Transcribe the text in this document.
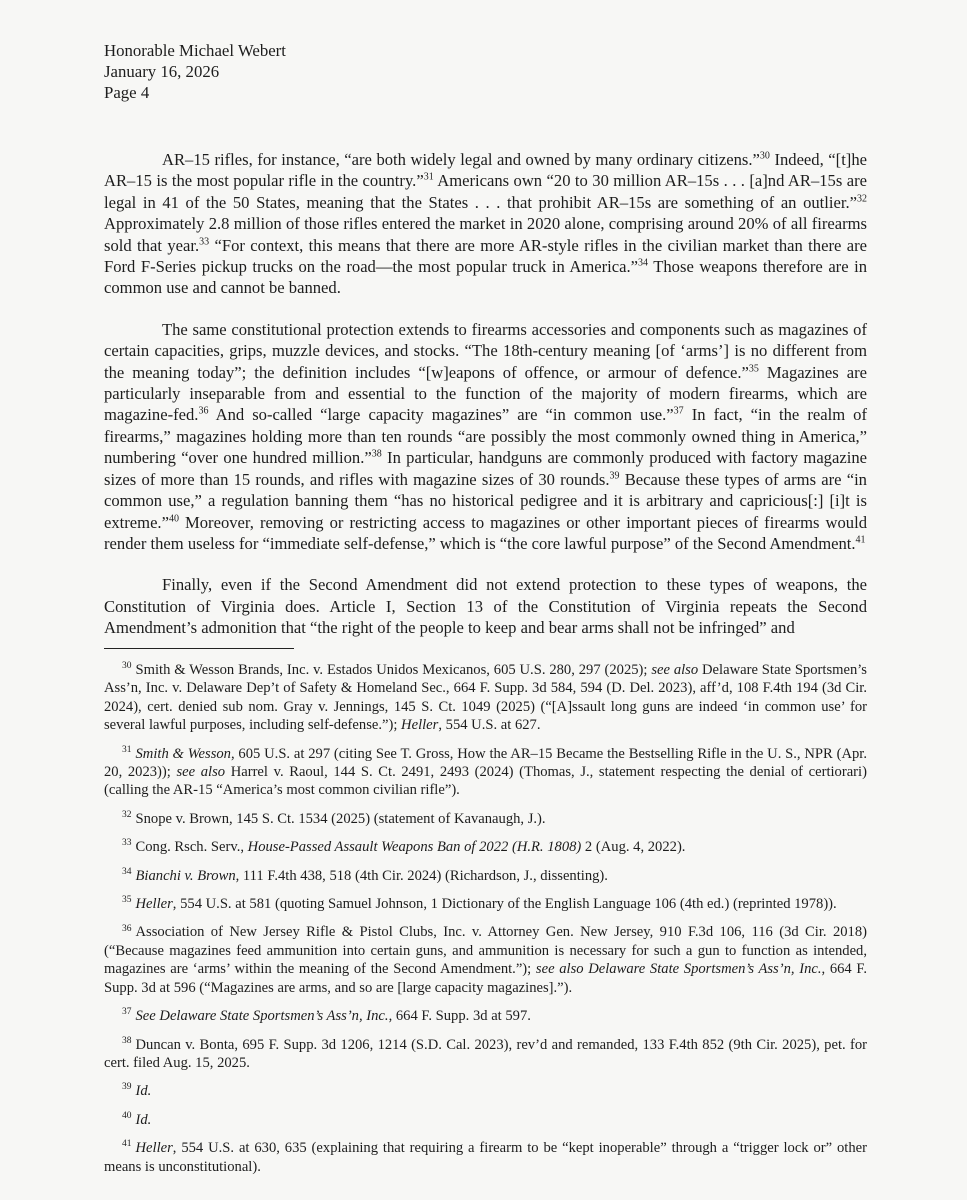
Honorable Michael Webert
January 16, 2026
Page 4

AR–15 rifles, for instance, “are both widely legal and owned by many ordinary citizens.”$^{30}$ Indeed, “[t]he AR–15 is the most popular rifle in the country.”$^{31}$ Americans own “20 to 30 million AR–15s . . . [a]nd AR–15s are legal in 41 of the 50 States, meaning that the States . . . that prohibit AR–15s are something of an outlier.”$^{32}$ Approximately 2.8 million of those rifles entered the market in 2020 alone, comprising around 20% of all firearms sold that year.$^{33}$ “For context, this means that there are more AR-style rifles in the civilian market than there are Ford F-Series pickup trucks on the road—the most popular truck in America.”$^{34}$ Those weapons therefore are in common use and cannot be banned.

The same constitutional protection extends to firearms accessories and components such as magazines of certain capacities, grips, muzzle devices, and stocks. “The 18th-century meaning [of ‘arms’] is no different from the meaning today”; the definition includes “[w]eapons of offence, or armour of defence.”$^{35}$ Magazines are particularly inseparable from and essential to the function of the majority of modern firearms, which are magazine-fed.$^{36}$ And so-called “large capacity magazines” are “in common use.”$^{37}$ In fact, “in the realm of firearms,” magazines holding more than ten rounds “are possibly the most commonly owned thing in America,” numbering “over one hundred million.”$^{38}$ In particular, handguns are commonly produced with factory magazine sizes of more than 15 rounds, and rifles with magazine sizes of 30 rounds.$^{39}$ Because these types of arms are “in common use,” a regulation banning them “has no historical pedigree and it is arbitrary and capricious[:] [i]t is extreme.”$^{40}$ Moreover, removing or restricting access to magazines or other important pieces of firearms would render them useless for “immediate self-defense,” which is “the core lawful purpose” of the Second Amendment.$^{41}$

Finally, even if the Second Amendment did not extend protection to these types of weapons, the Constitution of Virginia does. Article I, Section 13 of the Constitution of Virginia repeats the Second Amendment’s admonition that “the right of the people to keep and bear arms shall not be infringed” and

$^{30}$ Smith & Wesson Brands, Inc. v. Estados Unidos Mexicanos, 605 U.S. 280, 297 (2025); see also Delaware State Sportsmen’s Ass’n, Inc. v. Delaware Dep’t of Safety & Homeland Sec., 664 F. Supp. 3d 584, 594 (D. Del. 2023), aff’d, 108 F.4th 194 (3d Cir. 2024), cert. denied sub nom. Gray v. Jennings, 145 S. Ct. 1049 (2025) (“[A]ssault long guns are indeed ‘in common use’ for several lawful purposes, including self-defense.”); Heller, 554 U.S. at 627.
$^{31}$ Smith & Wesson, 605 U.S. at 297 (citing See T. Gross, How the AR–15 Became the Bestselling Rifle in the U. S., NPR (Apr. 20, 2023)); see also Harrel v. Raoul, 144 S. Ct. 2491, 2493 (2024) (Thomas, J., statement respecting the denial of certiorari) (calling the AR-15 “America’s most common civilian rifle”).
$^{32}$ Snope v. Brown, 145 S. Ct. 1534 (2025) (statement of Kavanaugh, J.).
$^{33}$ Cong. Rsch. Serv., House-Passed Assault Weapons Ban of 2022 (H.R. 1808) 2 (Aug. 4, 2022).
$^{34}$ Bianchi v. Brown, 111 F.4th 438, 518 (4th Cir. 2024) (Richardson, J., dissenting).
$^{35}$ Heller, 554 U.S. at 581 (quoting Samuel Johnson, 1 Dictionary of the English Language 106 (4th ed.) (reprinted 1978)).
$^{36}$ Association of New Jersey Rifle & Pistol Clubs, Inc. v. Attorney Gen. New Jersey, 910 F.3d 106, 116 (3d Cir. 2018) (“Because magazines feed ammunition into certain guns, and ammunition is necessary for such a gun to function as intended, magazines are ‘arms’ within the meaning of the Second Amendment.”); see also Delaware State Sportsmen’s Ass’n, Inc., 664 F. Supp. 3d at 596 (“Magazines are arms, and so are [large capacity magazines].”).
$^{37}$ See Delaware State Sportsmen’s Ass’n, Inc., 664 F. Supp. 3d at 597.
$^{38}$ Duncan v. Bonta, 695 F. Supp. 3d 1206, 1214 (S.D. Cal. 2023), rev’d and remanded, 133 F.4th 852 (9th Cir. 2025), pet. for cert. filed Aug. 15, 2025.
$^{39}$ Id.
$^{40}$ Id.
$^{41}$ Heller, 554 U.S. at 630, 635 (explaining that requiring a firearm to be “kept inoperable” through a “trigger lock or” other means is unconstitutional).
